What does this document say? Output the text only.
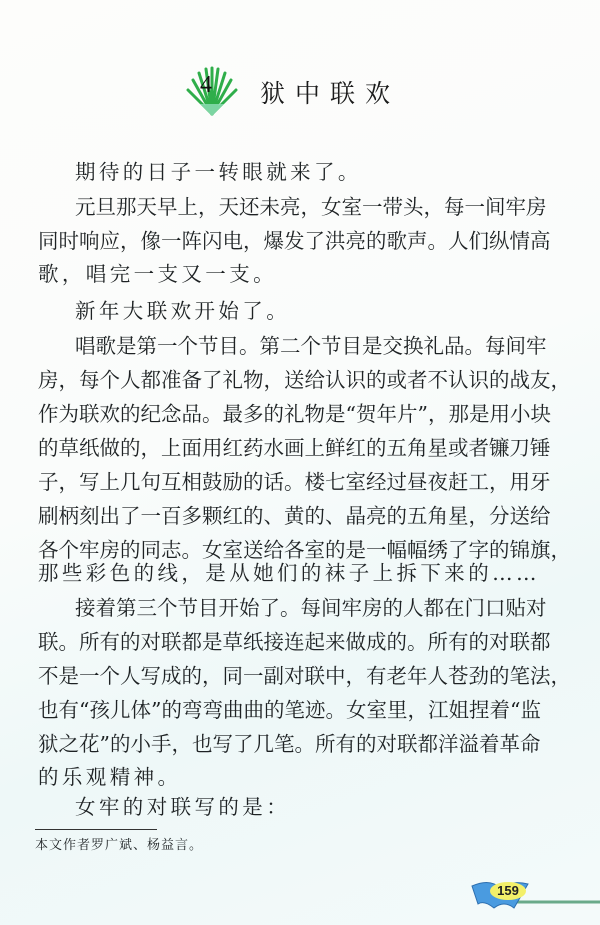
4 狱中联欢
期待的日子一转眼就来了。
元旦那天早上，天还未亮，女室一带头，每一间牢房
同时响应，像一阵闪电，爆发了洪亮的歌声。人们纵情高
歌，唱完一支又一支。
新年大联欢开始了。
唱歌是第一个节目。第二个节目是交换礼品。每间牢
房，每个人都准备了礼物，送给认识的或者不认识的战友，
作为联欢的纪念品。最多的礼物是“贺年片”，那是用小块
的草纸做的，上面用红药水画上鲜红的五角星或者镰刀锤
子，写上几句互相鼓励的话。楼七室经过昼夜赶工，用牙
刷柄刻出了一百多颗红的、黄的、晶亮的五角星，分送给
各个牢房的同志。女室送给各室的是一幅幅绣了字的锦旗，
那些彩色的线，是从她们的袜子上拆下来的……
接着第三个节目开始了。每间牢房的人都在门口贴对
联。所有的对联都是草纸接连起来做成的。所有的对联都
不是一个人写成的，同一副对联中，有老年人苍劲的笔法，
也有“孩儿体”的弯弯曲曲的笔迹。女室里，江姐捏着“监
狱之花”的小手，也写了几笔。所有的对联都洋溢着革命
的乐观精神。
女牢的对联写的是：
本文作者罗广斌、杨益言。
159
